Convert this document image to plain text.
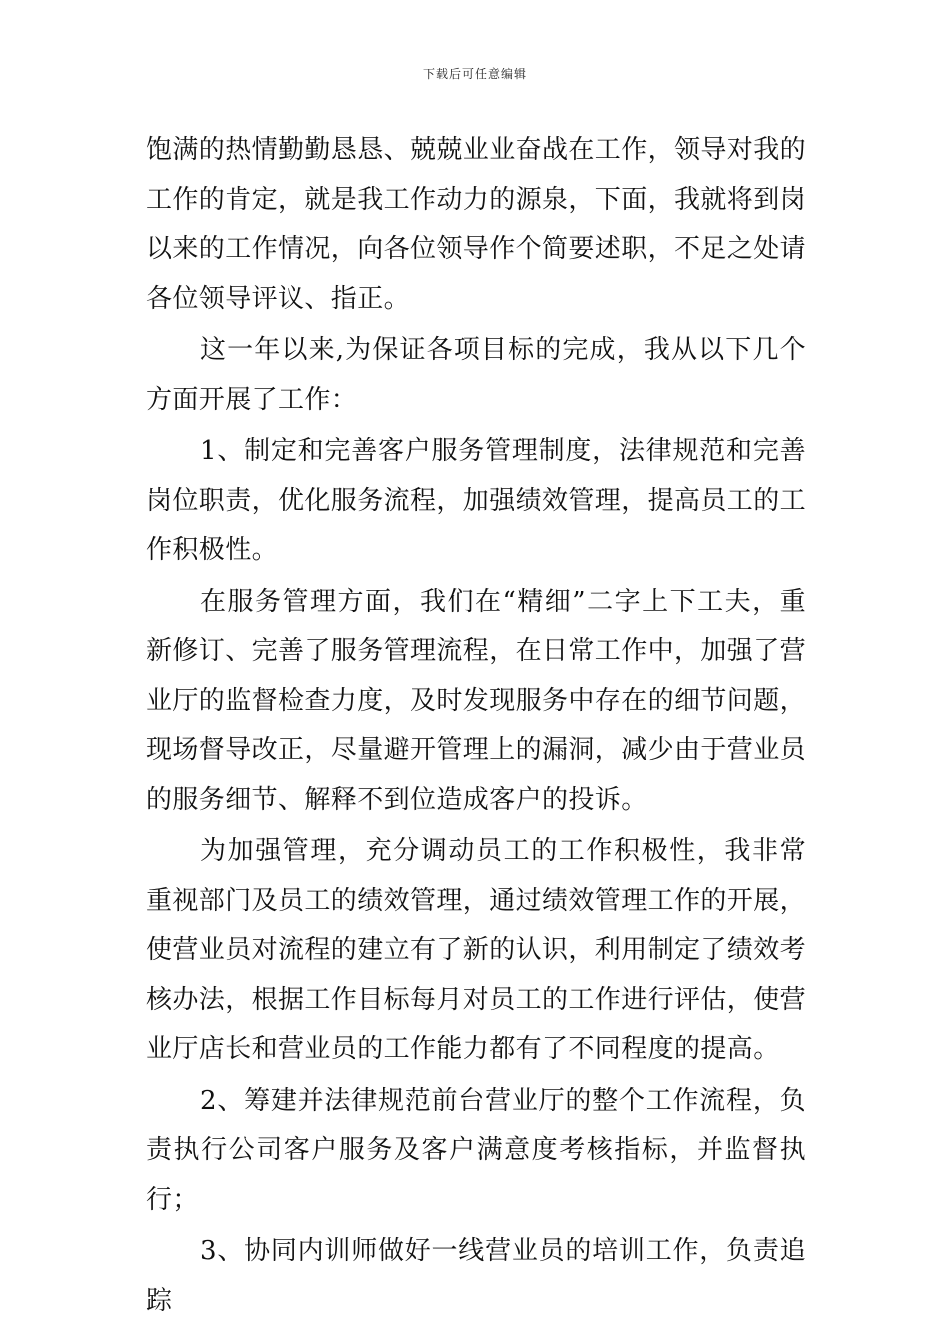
下载后可任意编辑

饱满的热情勤勤恳恳、兢兢业业奋战在工作，领导对我的工作的肯定，就是我工作动力的源泉，下面，我就将到岗以来的工作情况，向各位领导作个简要述职，不足之处请各位领导评议、指正。

这一年以来,为保证各项目标的完成，我从以下几个方面开展了工作：

1、制定和完善客户服务管理制度，法律规范和完善岗位职责，优化服务流程，加强绩效管理，提高员工的工作积极性。

在服务管理方面，我们在“精细”二字上下工夫，重新修订、完善了服务管理流程，在日常工作中，加强了营业厅的监督检查力度，及时发现服务中存在的细节问题，现场督导改正，尽量避开管理上的漏洞，减少由于营业员的服务细节、解释不到位造成客户的投诉。

为加强管理，充分调动员工的工作积极性，我非常重视部门及员工的绩效管理，通过绩效管理工作的开展，使营业员对流程的建立有了新的认识，利用制定了绩效考核办法，根据工作目标每月对员工的工作进行评估，使营业厅店长和营业员的工作能力都有了不同程度的提高。

2、筹建并法律规范前台营业厅的整个工作流程，负责执行公司客户服务及客户满意度考核指标，并监督执行；

3、协同内训师做好一线营业员的培训工作，负责追踪
